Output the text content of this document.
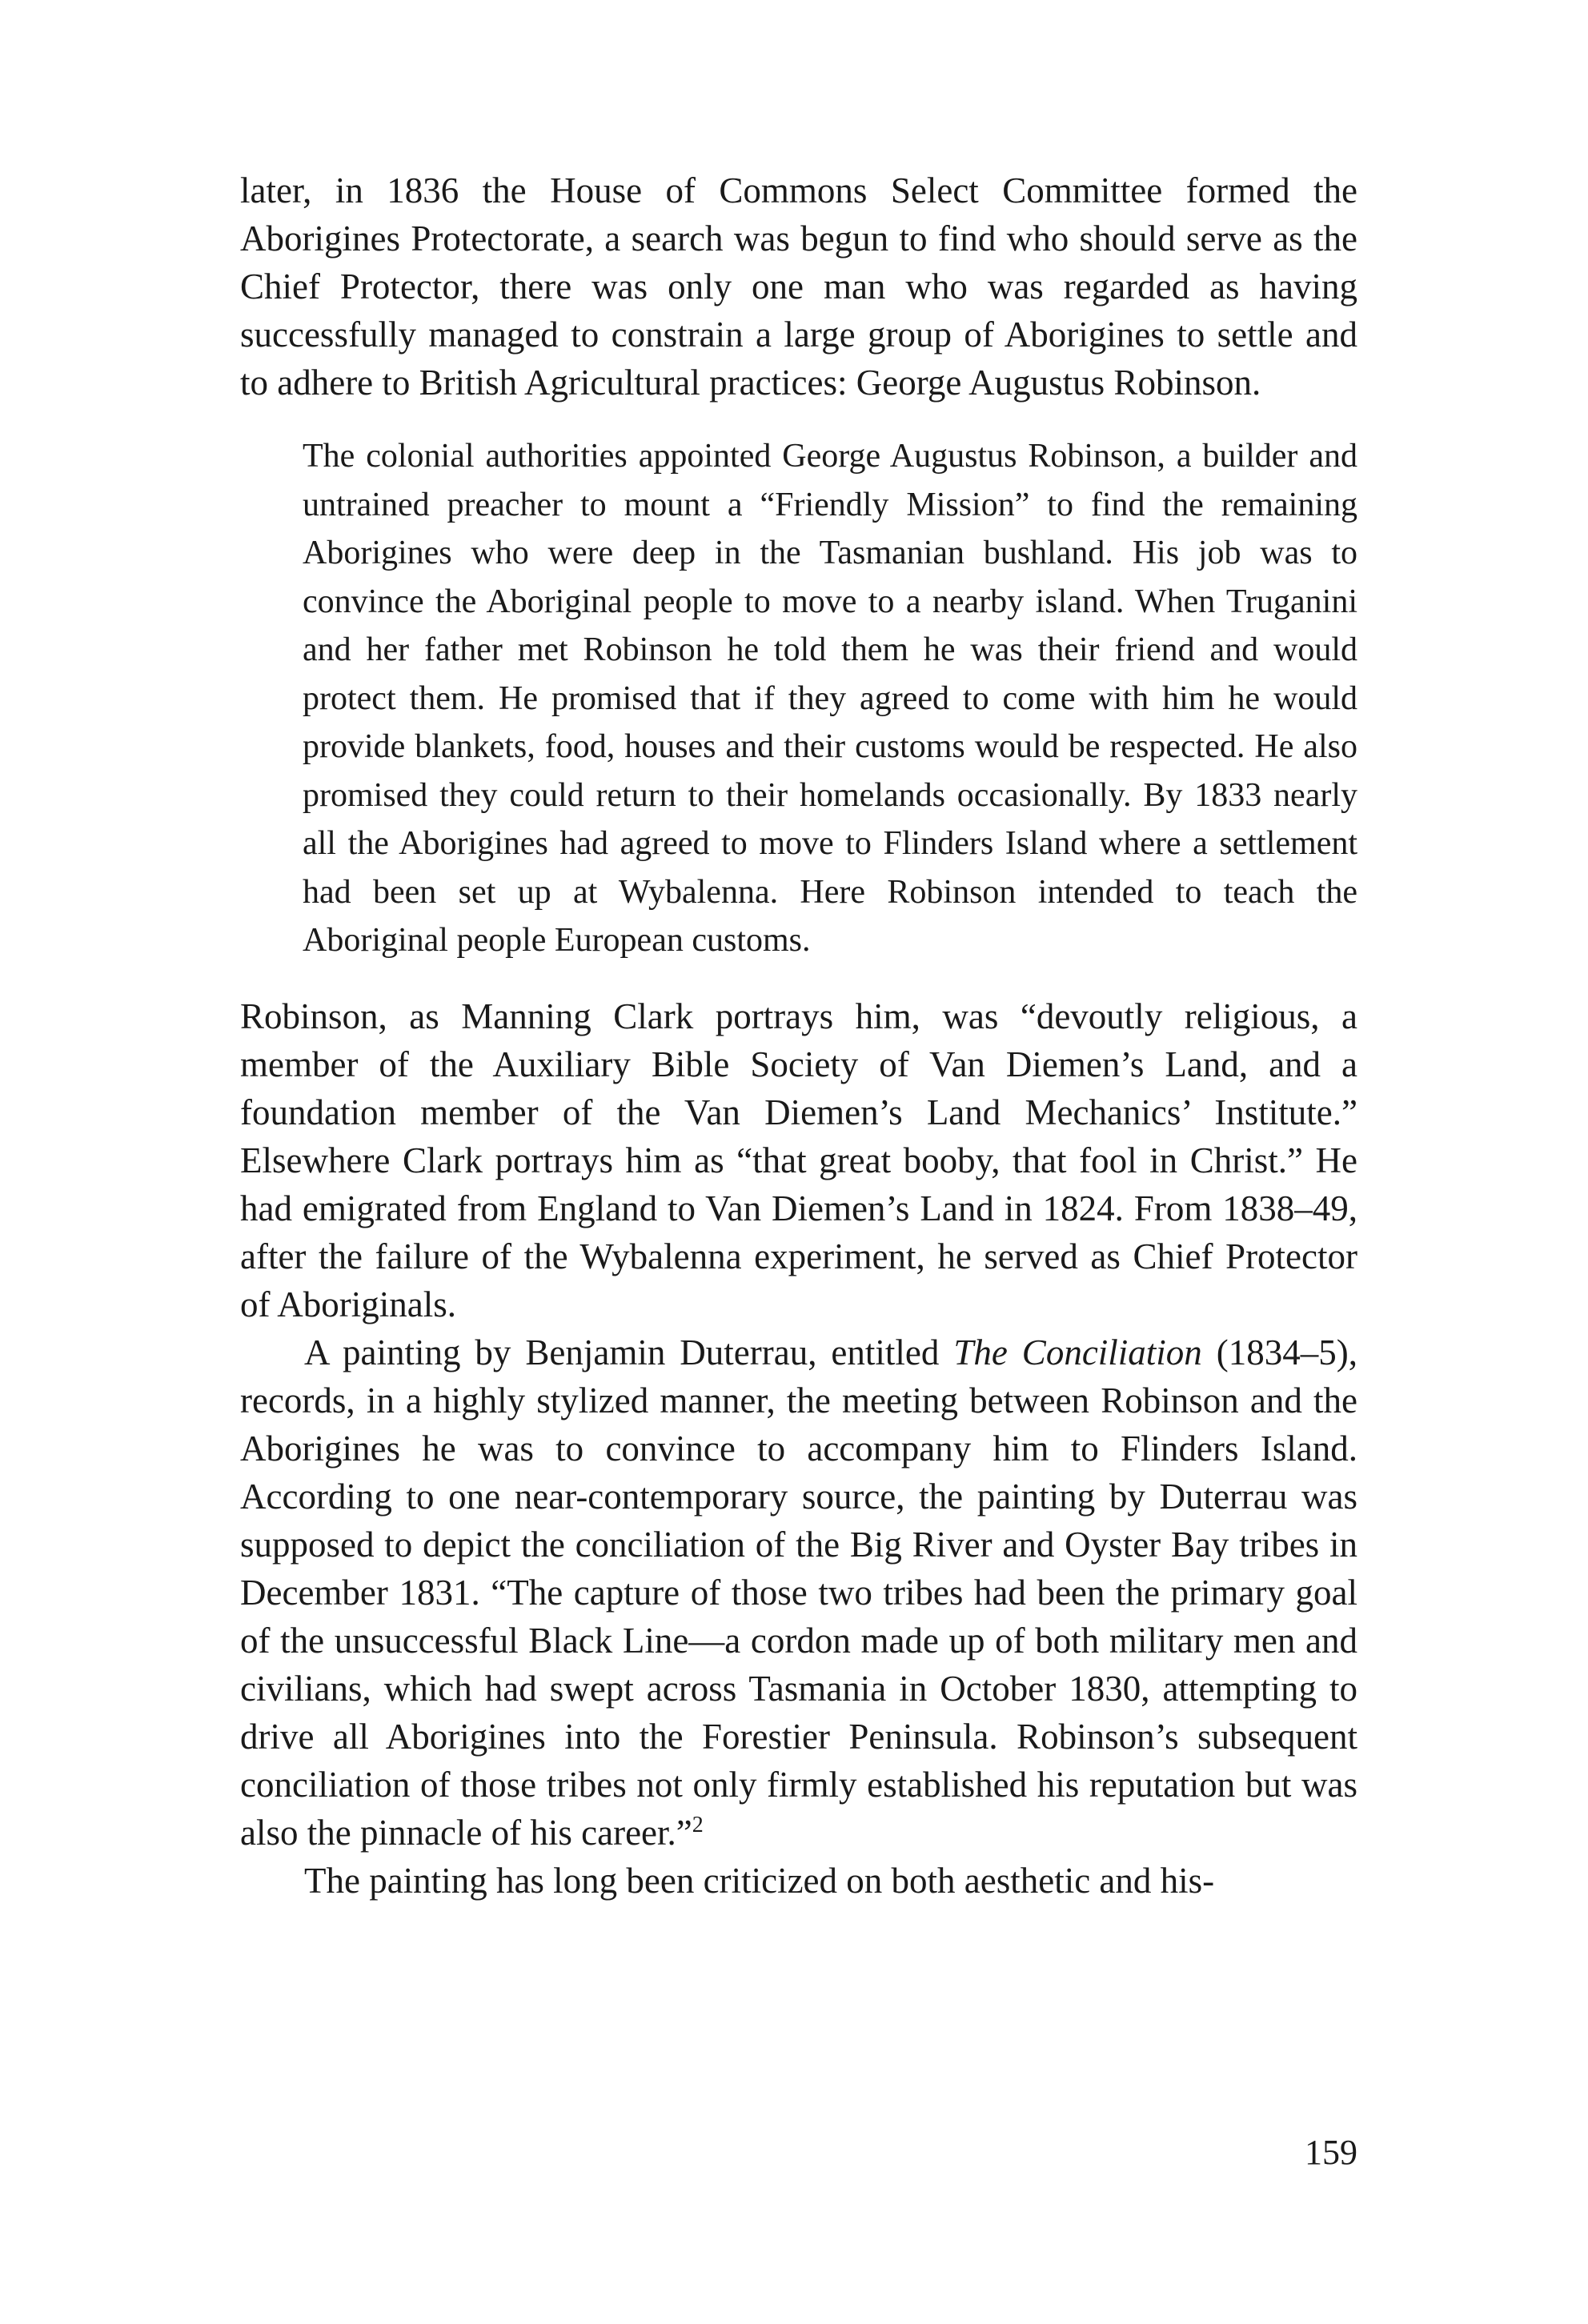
later, in 1836 the House of Commons Select Committee formed the Aborigines Protectorate, a search was begun to find who should serve as the Chief Protector, there was only one man who was regarded as having successfully managed to constrain a large group of Aborigines to settle and to adhere to British Agricultural practices: George Augustus Robinson.

The colonial authorities appointed George Augustus Robinson, a builder and untrained preacher to mount a “Friendly Mission” to find the remaining Aborigines who were deep in the Tasmanian bushland. His job was to convince the Aboriginal people to move to a nearby island. When Truganini and her father met Robinson he told them he was their friend and would protect them. He promised that if they agreed to come with him he would provide blankets, food, houses and their customs would be respected. He also promised they could return to their homelands occasionally. By 1833 nearly all the Aborigines had agreed to move to Flinders Island where a settlement had been set up at Wybalenna. Here Robinson intended to teach the Aboriginal people European customs.

Robinson, as Manning Clark portrays him, was “devoutly religious, a member of the Auxiliary Bible Society of Van Diemen’s Land, and a foundation member of the Van Diemen’s Land Mechanics’ Institute.” Elsewhere Clark portrays him as “that great booby, that fool in Christ.” He had emigrated from England to Van Diemen’s Land in 1824. From 1838–49, after the failure of the Wybalenna experiment, he served as Chief Protector of Aboriginals.

A painting by Benjamin Duterrau, entitled The Conciliation (1834–5), records, in a highly stylized manner, the meeting between Robinson and the Aborigines he was to convince to accompany him to Flinders Island. According to one near-contemporary source, the painting by Duterrau was supposed to depict the conciliation of the Big River and Oyster Bay tribes in December 1831. “The capture of those two tribes had been the primary goal of the unsuccessful Black Line—a cordon made up of both military men and civilians, which had swept across Tasmania in October 1830, attempting to drive all Aborigines into the Forestier Peninsula. Robinson’s subsequent conciliation of those tribes not only firmly established his reputation but was also the pinnacle of his career.”$^2$

The painting has long been criticized on both aesthetic and his-

159
